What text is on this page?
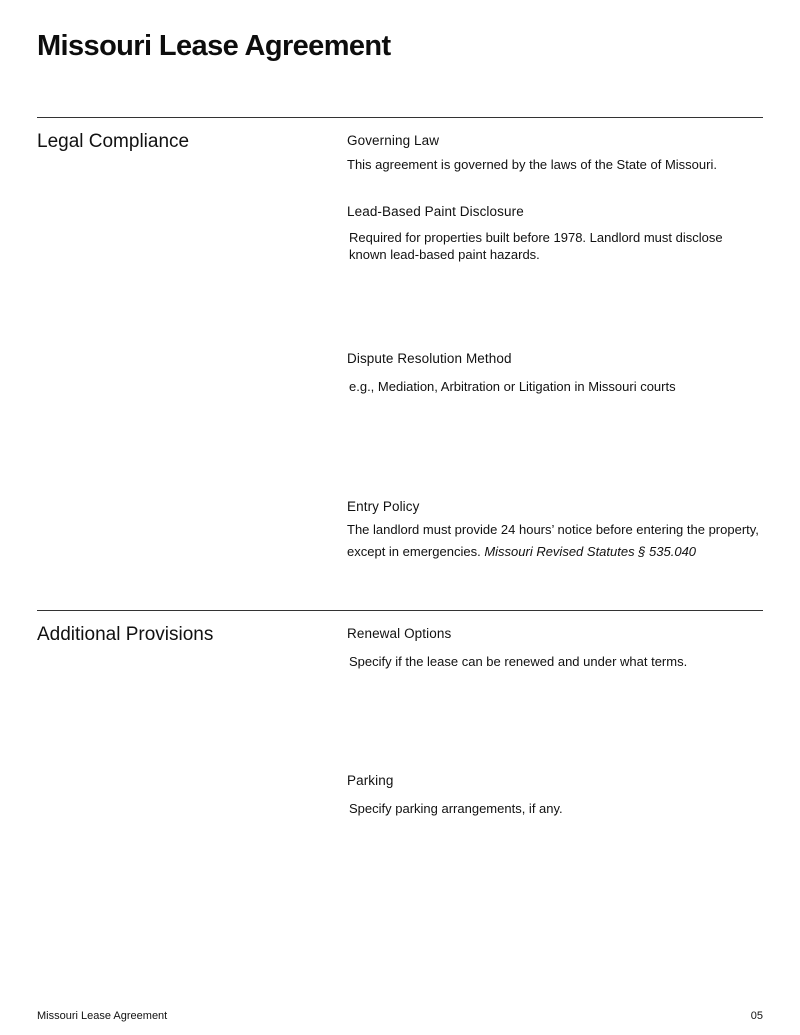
Missouri Lease Agreement
Legal Compliance	Governing Law

This agreement is governed by the laws of the State of Missouri.

Lead-Based Paint Disclosure

Required for properties built before 1978. Landlord must disclose known lead-based paint hazards.

Dispute Resolution Method

e.g., Mediation, Arbitration or Litigation in Missouri courts

Entry Policy

The landlord must provide 24 hours’ notice before entering the property, except in emergencies. Missouri Revised Statutes § 535.040

Additional Provisions	Renewal Options

Specify if the lease can be renewed and under what terms.

Parking

Specify parking arrangements, if any.

Missouri Lease Agreement	05
